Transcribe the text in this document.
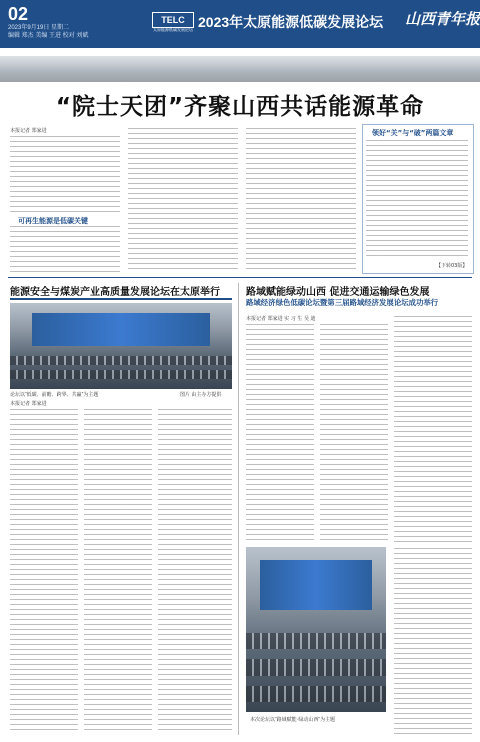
02
2023年9月19日 星期二
编辑 郑杰 美编 王进 校对 刘斌
TELC
太原能源低碳发展论坛 2023年太原能源低碳发展论坛 山西青年报
“院士天团”齐聚山西共话能源革命
本报记者 郑家进
可再生能源是低碳关键
领好“关”与“破”两篇文章
【下转03版】
能源安全与煤炭产业高质量发展论坛在太原举行
论坛以“低碳、前瞻、跨界、共赢”为主题	图片 由主办方提供
本报记者 郑家进
路域赋能绿动山西 促进交通运输绿色发展
路域经济绿色低碳论坛暨第三届路域经济发展论坛成功举行
本报记者 郑家进 实 习 生 吴 迪
本次论坛以“路域赋能·绿动山西”为主题
